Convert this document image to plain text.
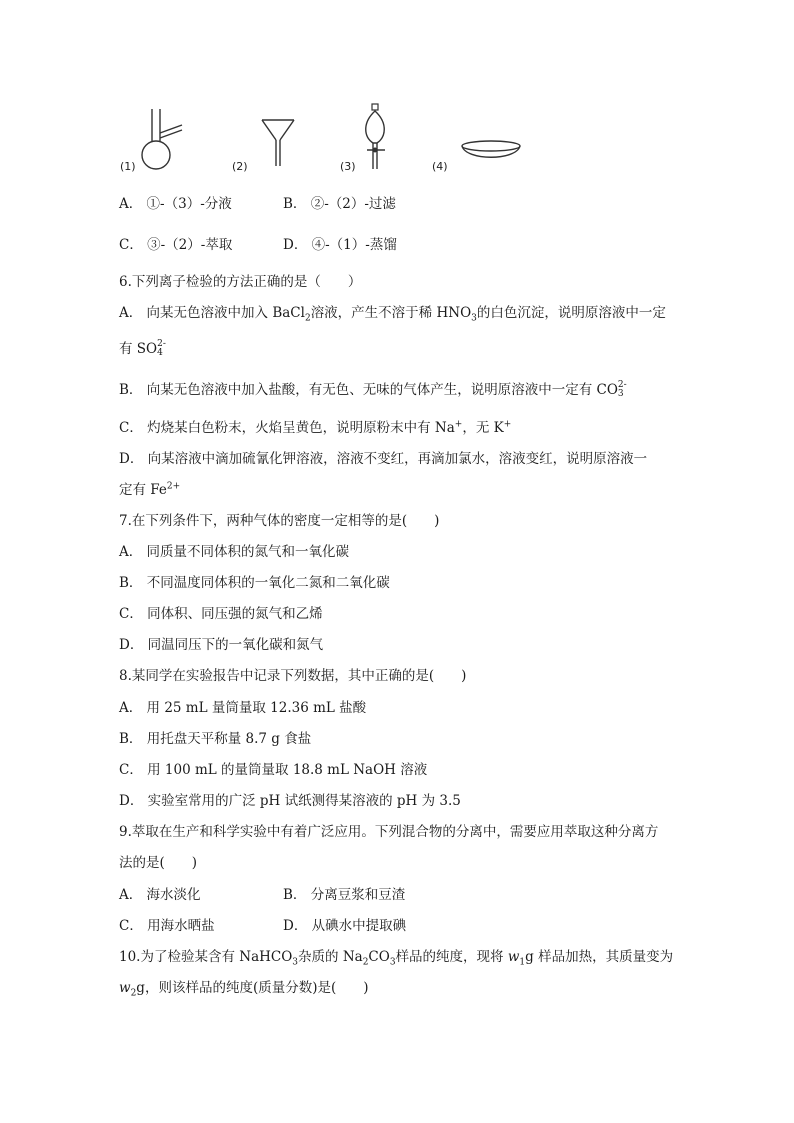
(1)	(2)	(3)	(4)
A． ①-（3）-分液	B． ②-（2）-过滤
C． ③-（2）-萃取	D． ④-（1）-蒸馏
6.下列离子检验的方法正确的是（　　）
A． 向某无色溶液中加入 BaCl$_2$溶液，产生不溶于稀 $HNO_3$的白色沉淀，说明原溶液中一定
有 SO 2-
4
B． 向某无色溶液中加入盐酸，有无色、无味的气体产生，说明原溶液中一定有 CO 2-
3
C． 灼烧某白色粉末，火焰呈黄色，说明原粉末中有 Na+，无 K+
D． 向某溶液中滴加硫氰化钾溶液，溶液不变红，再滴加氯水，溶液变红，说明原溶液一
定有 $Fe^{2+}$
7.在下列条件下，两种气体的密度一定相等的是(　　)
A． 同质量不同体积的氮气和一氧化碳
B． 不同温度同体积的一氧化二氮和二氧化碳
C． 同体积、同压强的氮气和乙烯
D． 同温同压下的一氧化碳和氮气
8.某同学在实验报告中记录下列数据，其中正确的是(　　)
A． 用 25 mL 量筒量取 12.36 mL 盐酸
B． 用托盘天平称量 8.7 g 食盐
C． 用 100 mL 的量筒量取 18.8 mL NaOH 溶液
D． 实验室常用的广泛 pH 试纸测得某溶液的 pH 为 3.5
9.萃取在生产和科学实验中有着广泛应用。下列混合物的分离中，需要应用萃取这种分离方
法的是(　　)
A． 海水淡化	B． 分离豆浆和豆渣
C． 用海水晒盐	D． 从碘水中提取碘
10.为了检验某含有 NaHCO$_3$杂质的 $Na_2CO_3$样品的纯度，现将 $w_1g$ 样品加热，其质量变为
$w_2g$，则该样品的纯度(质量分数)是(　　)
